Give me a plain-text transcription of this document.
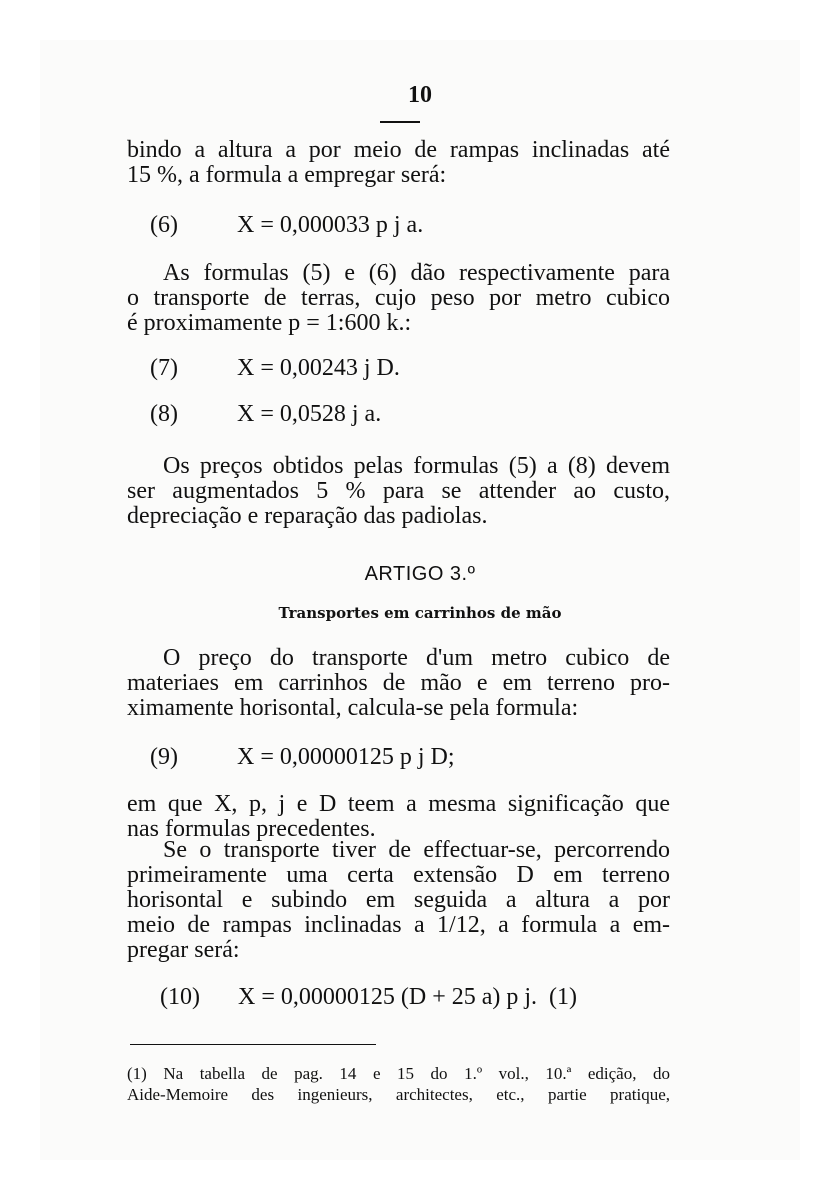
10

bindo a altura a por meio de rampas inclinadas até
15 %, a formula a empregar será:

(6) X = 0,000033 p j a.

As formulas (5) e (6) dão respectivamente para
o transporte de terras, cujo peso por metro cubico
é proximamente p = 1:600 k.:

(7) X = 0,00243 j D.

(8) X = 0,0528 j a.

Os preços obtidos pelas formulas (5) a (8) devem
ser augmentados 5 % para se attender ao custo,
depreciação e reparação das padiolas.

ARTIGO 3.º

Transportes em carrinhos de mão

O preço do transporte d'um metro cubico de
materiaes em carrinhos de mão e em terreno pro-
ximamente horisontal, calcula-se pela formula:

(9) X = 0,00000125 p j D;

em que X, p, j e D teem a mesma significação que
nas formulas precedentes.

Se o transporte tiver de effectuar-se, percorrendo
primeiramente uma certa extensão D em terreno
horisontal e subindo em seguida a altura a por
meio de rampas inclinadas a 1/12, a formula a em-
pregar será:

(10) X = 0,00000125 (D + 25 a) p j. (1)

(1) Na tabella de pag. 14 e 15 do 1.º vol., 10.ª edição, do
Aide-Memoire des ingenieurs, architectes, etc., partie pratique,
